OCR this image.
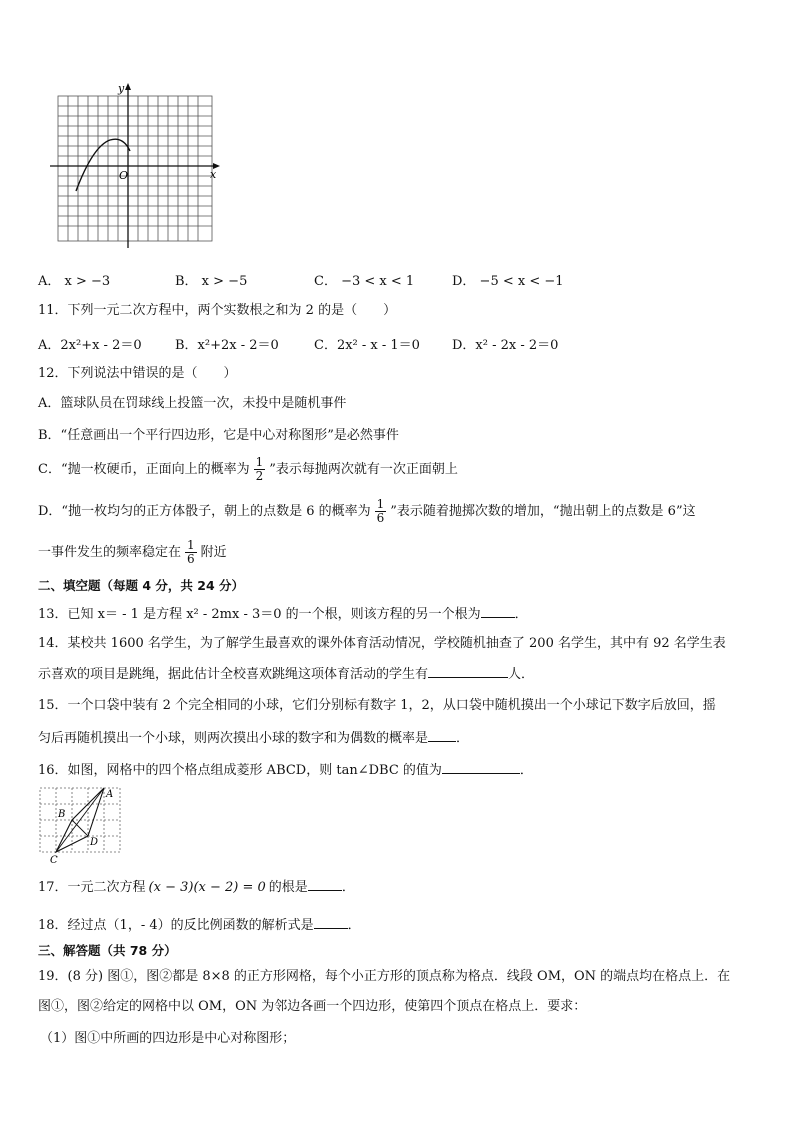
x
y
O
A． x > −3	B． x > −5	C． −3 < x < 1	D． −5 < x < −1
11．下列一元二次方程中，两个实数根之和为 2 的是（　　）
A．2x²+x - 2＝0	B．x²+2x - 2＝0	C．2x² - x - 1＝0 D．x² - 2x - 2＝0
12．下列说法中错误的是（　　）
A．篮球队员在罚球线上投篮一次，未投中是随机事件
B．“任意画出一个平行四边形，它是中心对称图形”是必然事件
C．“抛一枚硬币，正面向上的概率为 $\frac{1}{2}$ ”表示每抛两次就有一次正面朝上
D．“抛一枚均匀的正方体骰子，朝上的点数是 6 的概率为 $\frac{1}{6}$ ”表示随着抛掷次数的增加，“抛出朝上的点数是 6”这
一事件发生的频率稳定在 $\frac{1}{6}$ 附近
二、填空题（每题 4 分，共 24 分）
13．已知 x＝ - 1 是方程 x² - 2mx - 3＝0 的一个根，则该方程的另一个根为	．
14．某校共 1600 名学生，为了解学生最喜欢的课外体育活动情况，学校随机抽查了 200 名学生，其中有 92 名学生表
示喜欢的项目是跳绳，据此估计全校喜欢跳绳这项体育活动的学生有	人．
15．一个口袋中装有 2 个完全相同的小球，它们分别标有数字 1，2，从口袋中随机摸出一个小球记下数字后放回，摇
匀后再随机摸出一个小球，则两次摸出小球的数字和为偶数的概率是 ．
16．如图，网格中的四个格点组成菱形 ABCD，则 tan∠DBC 的值为	．
A
B
C
D
17．一元二次方程 (x − 3)(x − 2) = 0 的根是	．
18．经过点（1，- 4）的反比例函数的解析式是	．
三、解答题（共 78 分）
19．(8 分) 图①，图②都是 8×8 的正方形网格，每个小正方形的顶点称为格点．线段 OM，ON 的端点均在格点上．在
图①，图②给定的网格中以 OM，ON 为邻边各画一个四边形，使第四个顶点在格点上．要求：
（1）图①中所画的四边形是中心对称图形；
